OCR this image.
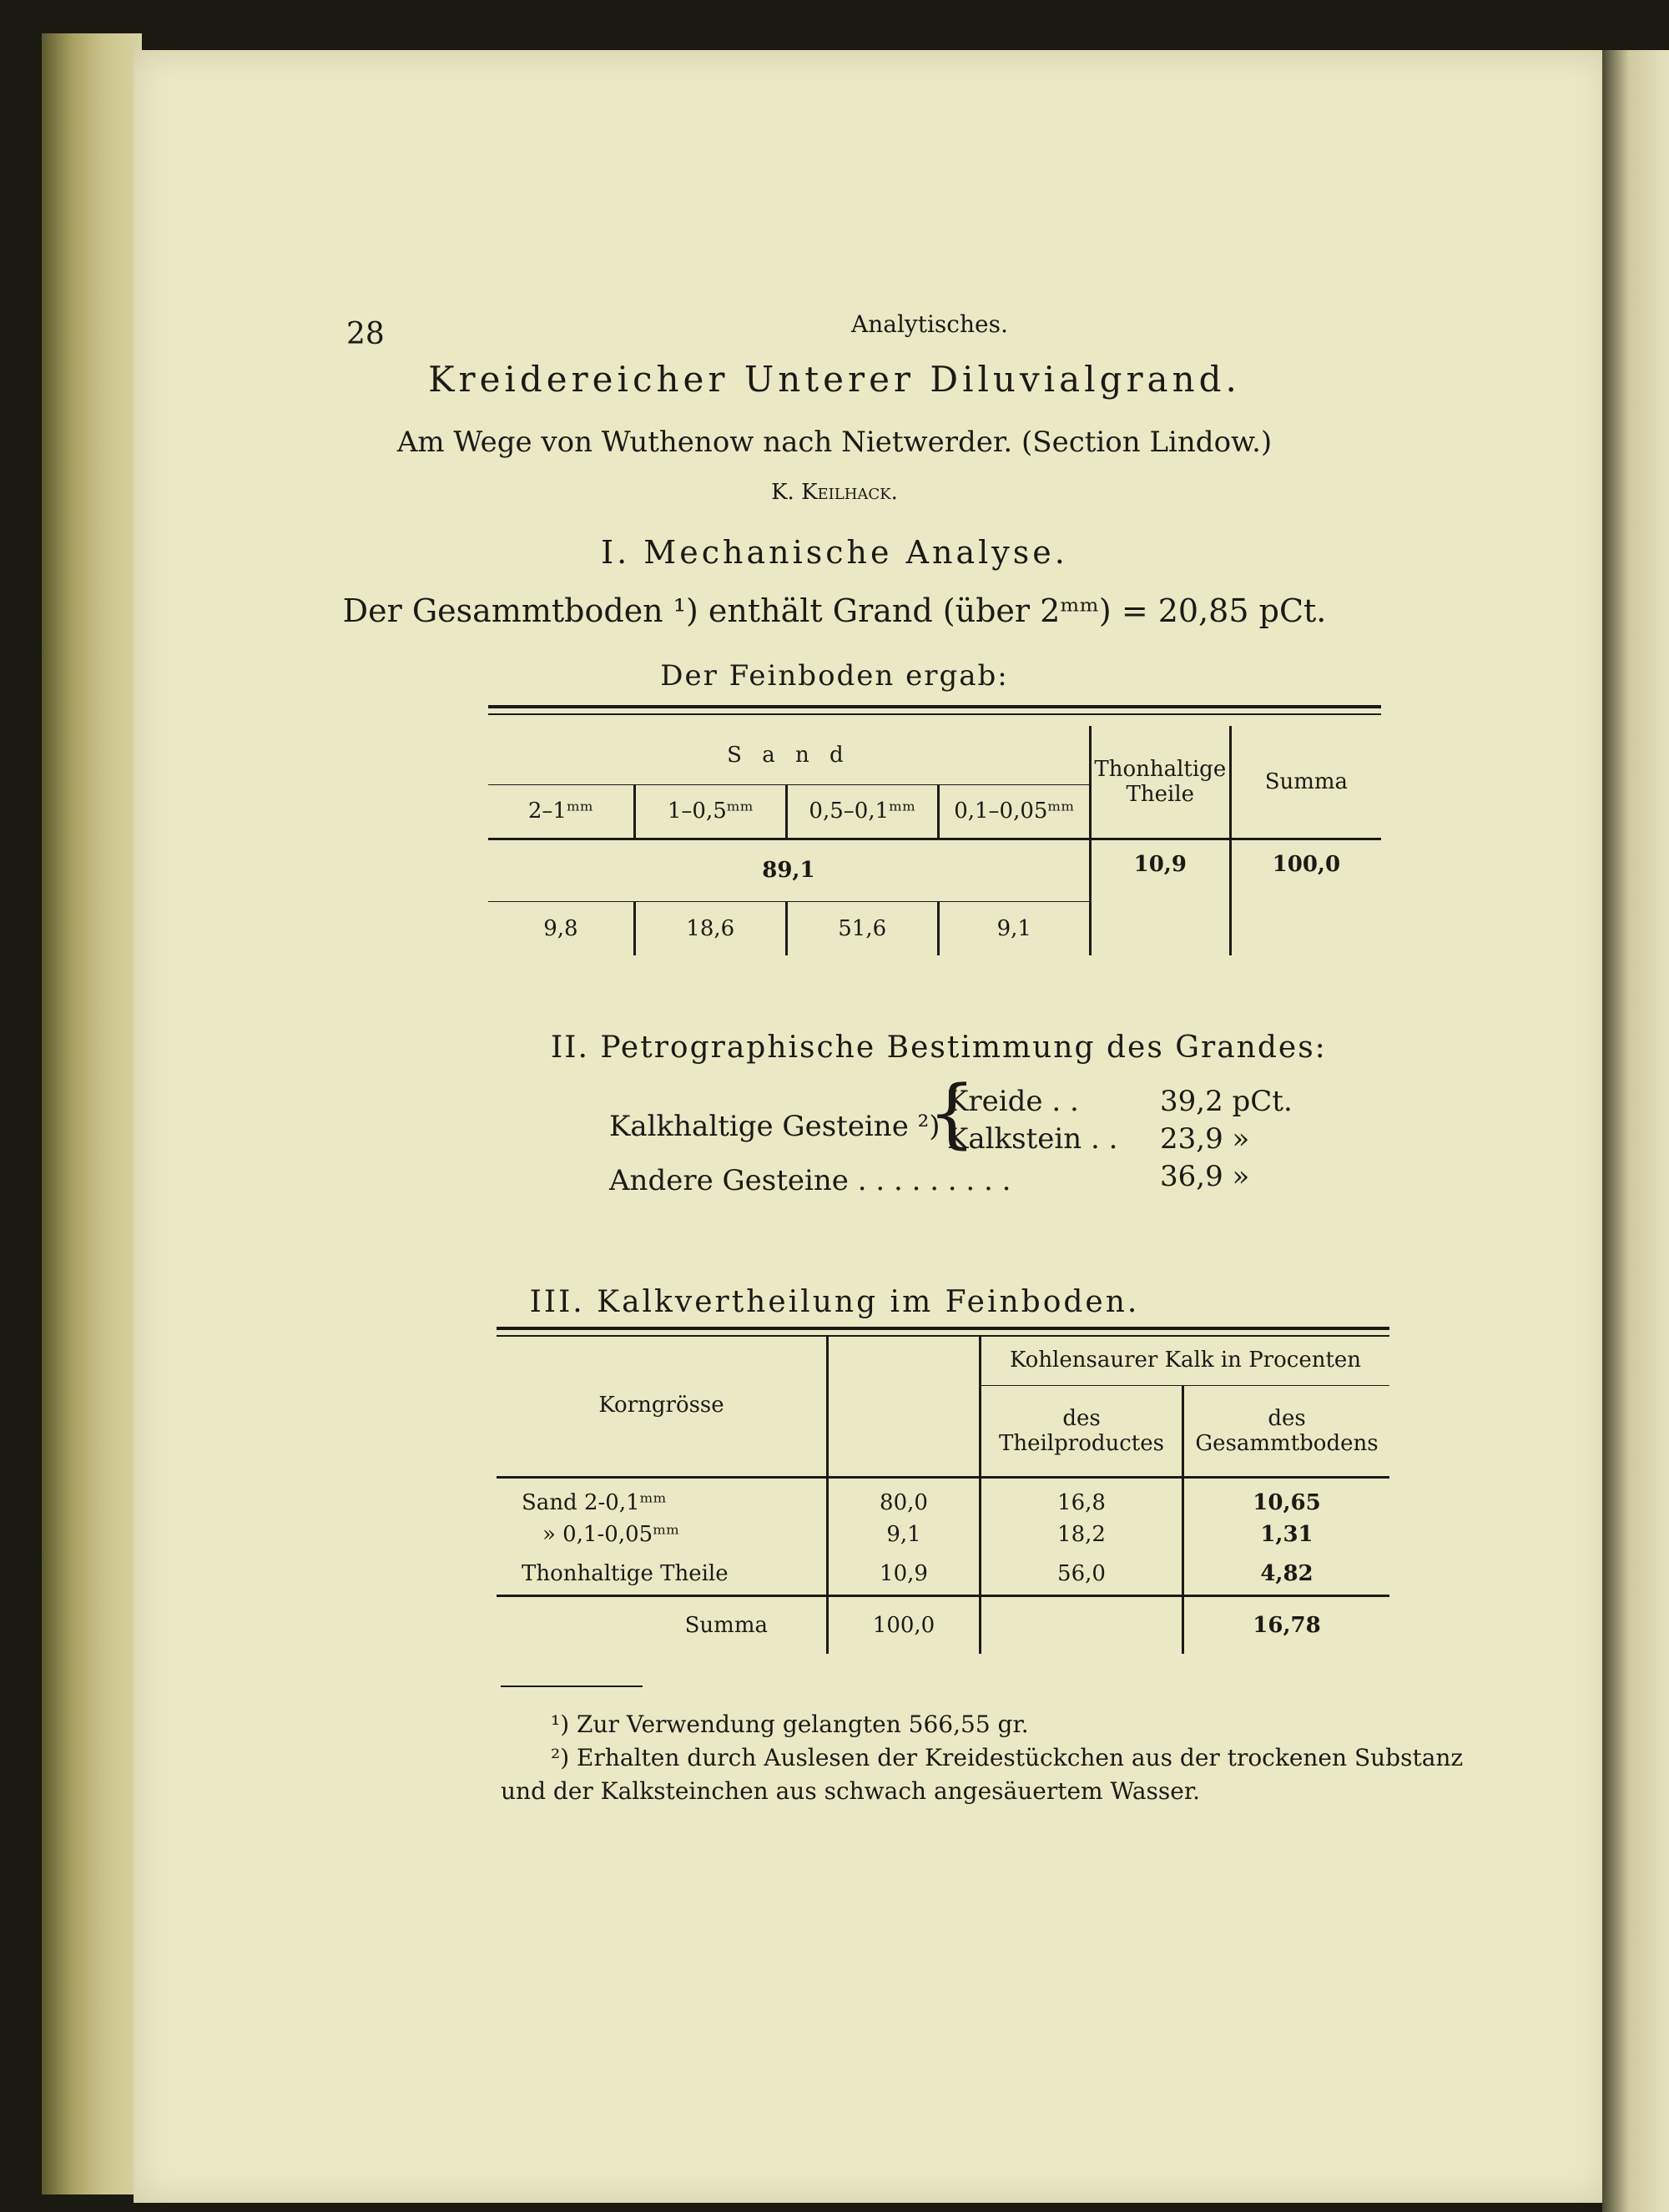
28	Analytisches.
Kreidereicher Unterer Diluvialgrand.
Am Wege von Wuthenow nach Nietwerder. (Section Lindow.)
K. Keilhack.
I. Mechanische Analyse.
Der Gesammtboden ¹) enthält Grand (über 2ᵐᵐ) = 20,85 pCt.
Der Feinboden ergab:
S a n d				Thonhaltige Theile	Summa
2–1ᵐᵐ	1–0,5ᵐᵐ	0,5–0,1ᵐᵐ	0,1–0,05ᵐᵐ		
89,1				10,9	100,0
9,8	18,6	51,6	9,1		
II. Petrographische Bestimmung des Grandes:
Kalkhaltige Gesteine ²)
{
Kreide . .	39,2 pCt.
Kalkstein . . 23,9 »
Andere Gesteine . . . . . . . . .	36,9 »
III. Kalkvertheilung im Feinboden.
Korngrösse		Kohlensaurer Kalk in Procenten	
		des Theilproductes	des Gesammtbodens
Sand 2-0,1ᵐᵐ	80,0	16,8	10,65
» 0,1-0,05ᵐᵐ	9,1	18,2	1,31
Thonhaltige Theile	10,9	56,0	4,82
Summa	100,0		16,78
¹) Zur Verwendung gelangten 566,55 gr.
²) Erhalten durch Auslesen der Kreidestückchen aus der trockenen Substanz
und der Kalksteinchen aus schwach angesäuertem Wasser.
